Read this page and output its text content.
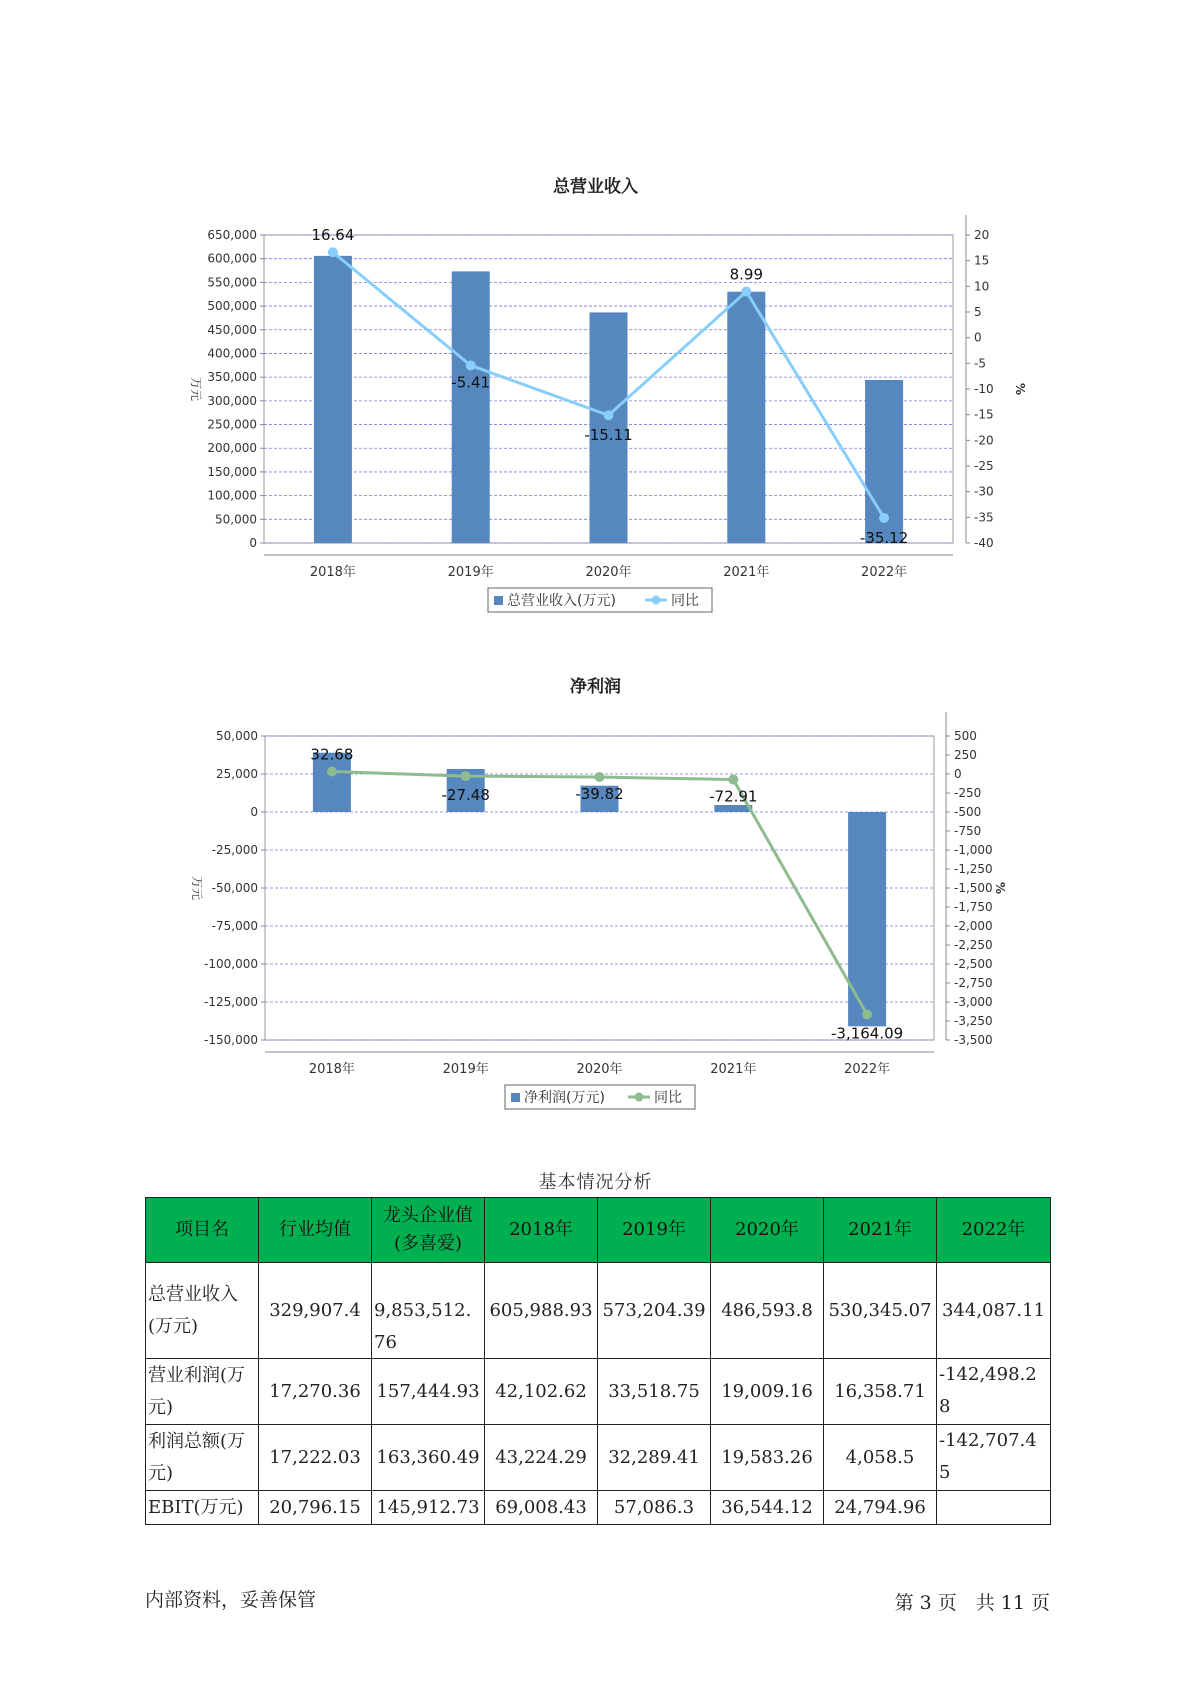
总营业收入
0
50,000
100,000
150,000
200,000
250,000
300,000
350,000
400,000
450,000
500,000
550,000
600,000
650,000
-40
-35
-30
-25
-20
-15
-10
-5
0
5
10
15
20
万元	%
2018年	2019年	2020年	2021年	2022年
16.64
-5.41
-15.11
8.99
-35.12
总营业收入(万元)	同比
净利润
-150,000
-125,000
-100,000
-75,000
-50,000
-25,000
0
25,000
50,000
-3,500
-3,250
-3,000
-2,750
-2,500
-2,250
-2,000
-1,750
-1,500
-1,250
-1,000
-750
-500
-250
0
250
500
万元	%
2018年	2019年	2020年	2021年	2022年
32.68
-27.48	-39.82	-72.91
-3,164.09
净利润(万元)	同比
基本情况分析
项目名	行业均值	龙头企业值(多喜爱)	2018年	2019年	2020年	2021年	2022年
总营业收入(万元)	329,907.4	9,853,512.76	605,988.93	573,204.39	486,593.8	530,345.07	344,087.11
营业利润(万元)	17,270.36	157,444.93	42,102.62	33,518.75	19,009.16	16,358.71	-142,498.28
利润总额(万元)	17,222.03	163,360.49	43,224.29	32,289.41	19,583.26	4,058.5	-142,707.45
EBIT(万元)	20,796.15	145,912.73	69,008.43	57,086.3	36,544.12	24,794.96	
内部资料，妥善保管	第 3 页　共 11 页
